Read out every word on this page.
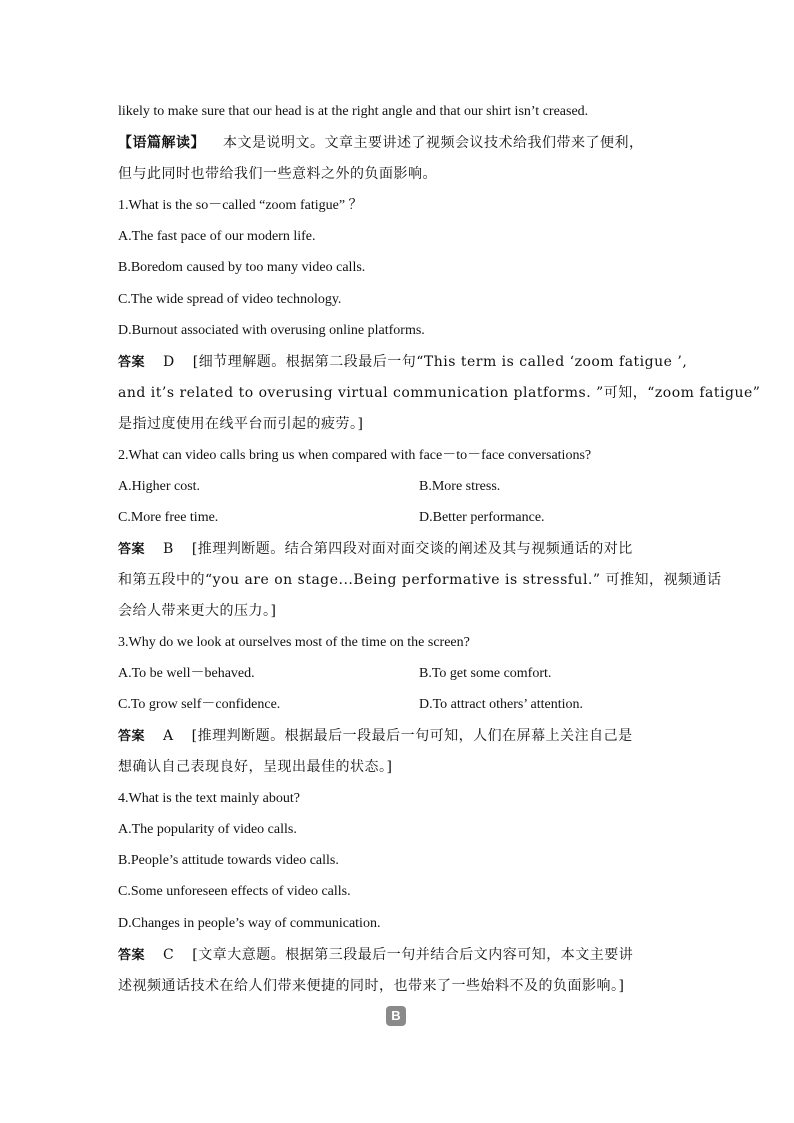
likely to make sure that our head is at the right angle and that our shirt isn’t creased.
【语篇解读】 本文是说明文。文章主要讲述了视频会议技术给我们带来了便利，
但与此同时也带给我们一些意料之外的负面影响。
1.What is the so－called “zoom fatigue” ？
A.The fast pace of our modern life.
B.Boredom caused by too many video calls.
C.The wide spread of video technology.
D.Burnout associated with overusing online platforms.
答案 D [细节理解题。根据第二段最后一句“This term is called ‘zoom fatigue ’,
and it’s related to overusing virtual communication platforms. ”可知，“zoom fatigue”
是指过度使用在线平台而引起的疲劳。]
2.What can video calls bring us when compared with face－to－face conversations?
A.Higher cost.	B.More stress.
C.More free time.	D.Better performance.
答案 B [推理判断题。结合第四段对面对面交谈的阐述及其与视频通话的对比
和第五段中的“you are on stage...Being performative is stressful.” 可推知，视频通话
会给人带来更大的压力。]
3.Why do we look at ourselves most of the time on the screen?
A.To be well－behaved.	B.To get some comfort.
C.To grow self－confidence.	D.To attract others’ attention.
答案 A [推理判断题。根据最后一段最后一句可知，人们在屏幕上关注自己是
想确认自己表现良好，呈现出最佳的状态。]
4.What is the text mainly about?
A.The popularity of video calls.
B.People’s attitude towards video calls.
C.Some unforeseen effects of video calls.
D.Changes in people’s way of communication.
答案 C [文章大意题。根据第三段最后一句并结合后文内容可知，本文主要讲
述视频通话技术在给人们带来便捷的同时，也带来了一些始料不及的负面影响。]
B
